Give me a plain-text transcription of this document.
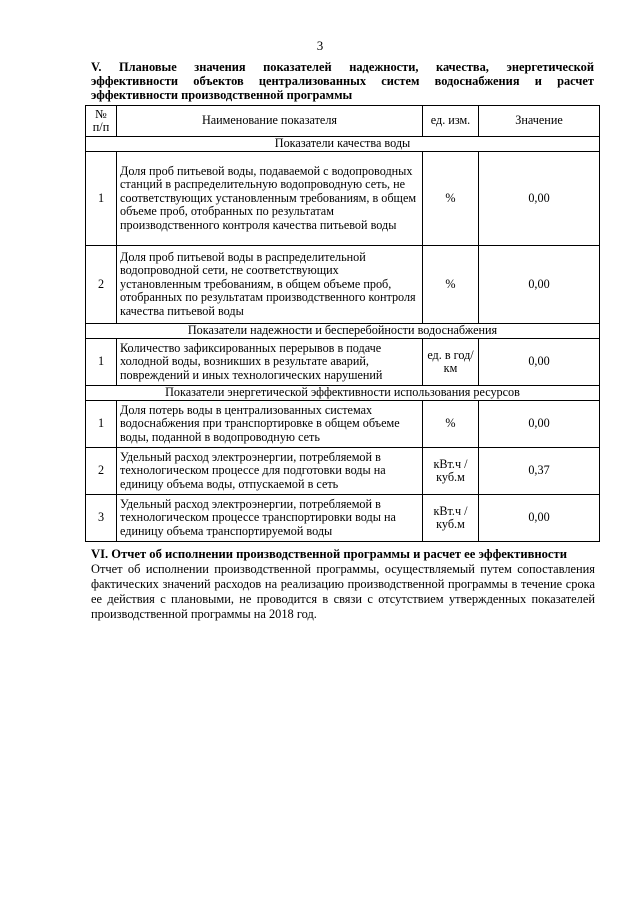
3
V. Плановые значения показателей надежности, качества, энергетической эффективности объектов централизованных систем водоснабжения и расчет эффективности производственной программы
№ п/п	Наименование показателя	ед. изм.	Значение
Показатели качества воды			
1	Доля проб питьевой воды, подаваемой с водопроводных станций в распределительную водопроводную сеть, не соответствующих установленным требованиям, в общем объеме проб, отобранных по результатам производственного контроля качества питьевой воды	%	0,00
2	Доля проб питьевой воды в распределительной водопроводной сети, не соответствующих установленным требованиям, в общем объеме проб, отобранных по результатам производственного контроля качества питьевой воды	%	0,00
Показатели надежности и бесперебойности водоснабжения			
1	Количество зафиксированных перерывов в подаче холодной воды, возникших в результате аварий, повреждений и иных технологических нарушений	ед. в год/ км	0,00
Показатели энергетической эффективности использования ресурсов			
1	Доля потерь воды в централизованных системах водоснабжения при транспортировке в общем объеме воды, поданной в водопроводную сеть	%	0,00
2	Удельный расход электроэнергии, потребляемой в технологическом процессе для подготовки воды на единицу объема воды, отпускаемой в сеть	кВт.ч / куб.м	0,37
3	Удельный расход электроэнергии, потребляемой в технологическом процессе транспортировки воды на единицу объема транспортируемой воды	кВт.ч / куб.м	0,00
VI. Отчет об исполнении производственной программы и расчет ее эффективности
Отчет об исполнении производственной программы, осуществляемый путем сопоставления фактических значений расходов на реализацию производственной программы в течение срока ее действия с плановыми, не проводится в связи с отсутствием утвержденных показателей производственной программы на 2018 год.
